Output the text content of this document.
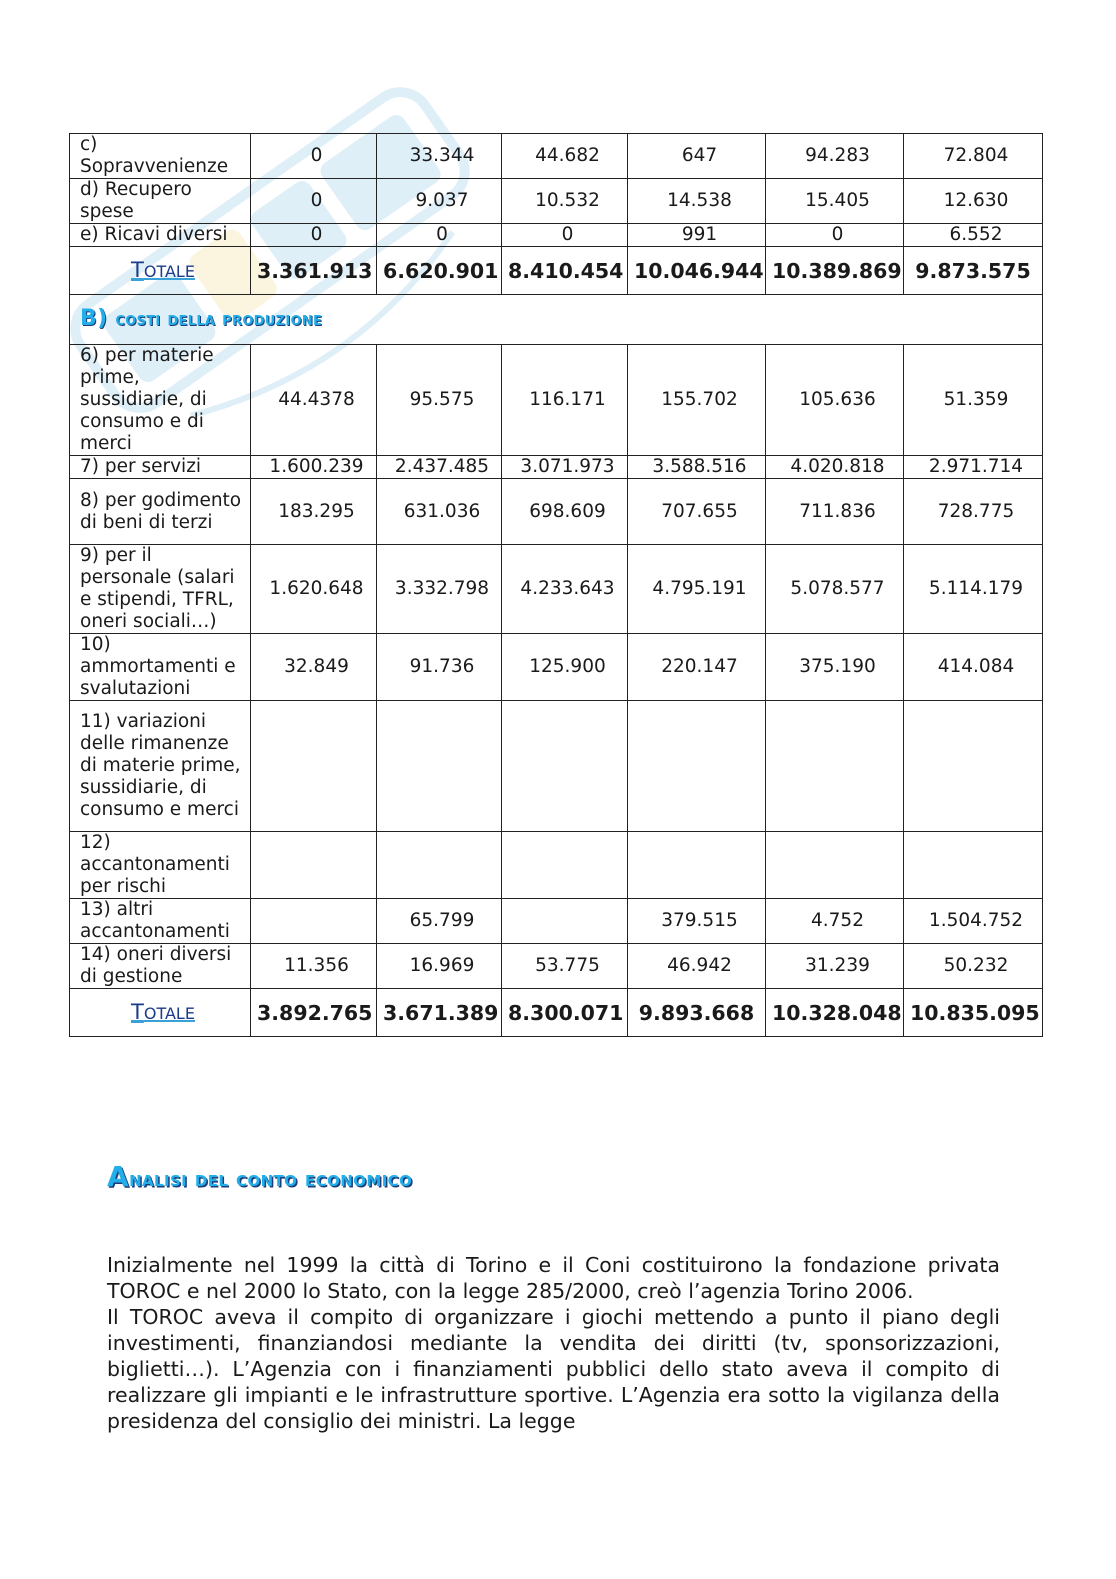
c) Sopravvenienze	0	33.344	44.682	647	94.283	72.804
d) Recupero spese	0	9.037	10.532	14.538	15.405	12.630
e) Ricavi diversi	0	0	0	991	0	6.552
TOTALE	3.361.913	6.620.901	8.410.454	10.046.944	10.389.869	9.873.575
B) costi della produzione						
6) per materie prime, sussidiarie, di consumo e di merci	44.4378	95.575	116.171	155.702	105.636	51.359
7) per servizi	1.600.239	2.437.485	3.071.973	3.588.516	4.020.818	2.971.714
8) per godimento di beni di terzi	183.295	631.036	698.609	707.655	711.836	728.775
9) per il personale (salari e stipendi, TFRL, oneri sociali…)	1.620.648	3.332.798	4.233.643	4.795.191	5.078.577	5.114.179
10) ammortamenti e svalutazioni	32.849	91.736	125.900	220.147	375.190	414.084
11) variazioni delle rimanenze di materie prime, sussidiarie, di consumo e merci						
12) accantonamenti per rischi						
13) altri accantonamenti		65.799		379.515	4.752	1.504.752
14) oneri diversi di gestione	11.356	16.969	53.775	46.942	31.239	50.232
TOTALE	3.892.765	3.671.389	8.300.071	9.893.668	10.328.048	10.835.095
Analisi del conto economico

Inizialmente nel 1999 la città di Torino e il Coni costituirono la fondazione privata TOROC e nel 2000 lo Stato, con la legge 285/2000, creò l’agenzia Torino 2006.

Il TOROC aveva il compito di organizzare i giochi mettendo a punto il piano degli investimenti, finanziandosi mediante la vendita dei diritti (tv, sponsorizzazioni, biglietti…). L’Agenzia con i finanziamenti pubblici dello stato aveva il compito di realizzare gli impianti e le infrastrutture sportive. L’Agenzia era sotto la vigilanza della presidenza del consiglio dei ministri. La legge
